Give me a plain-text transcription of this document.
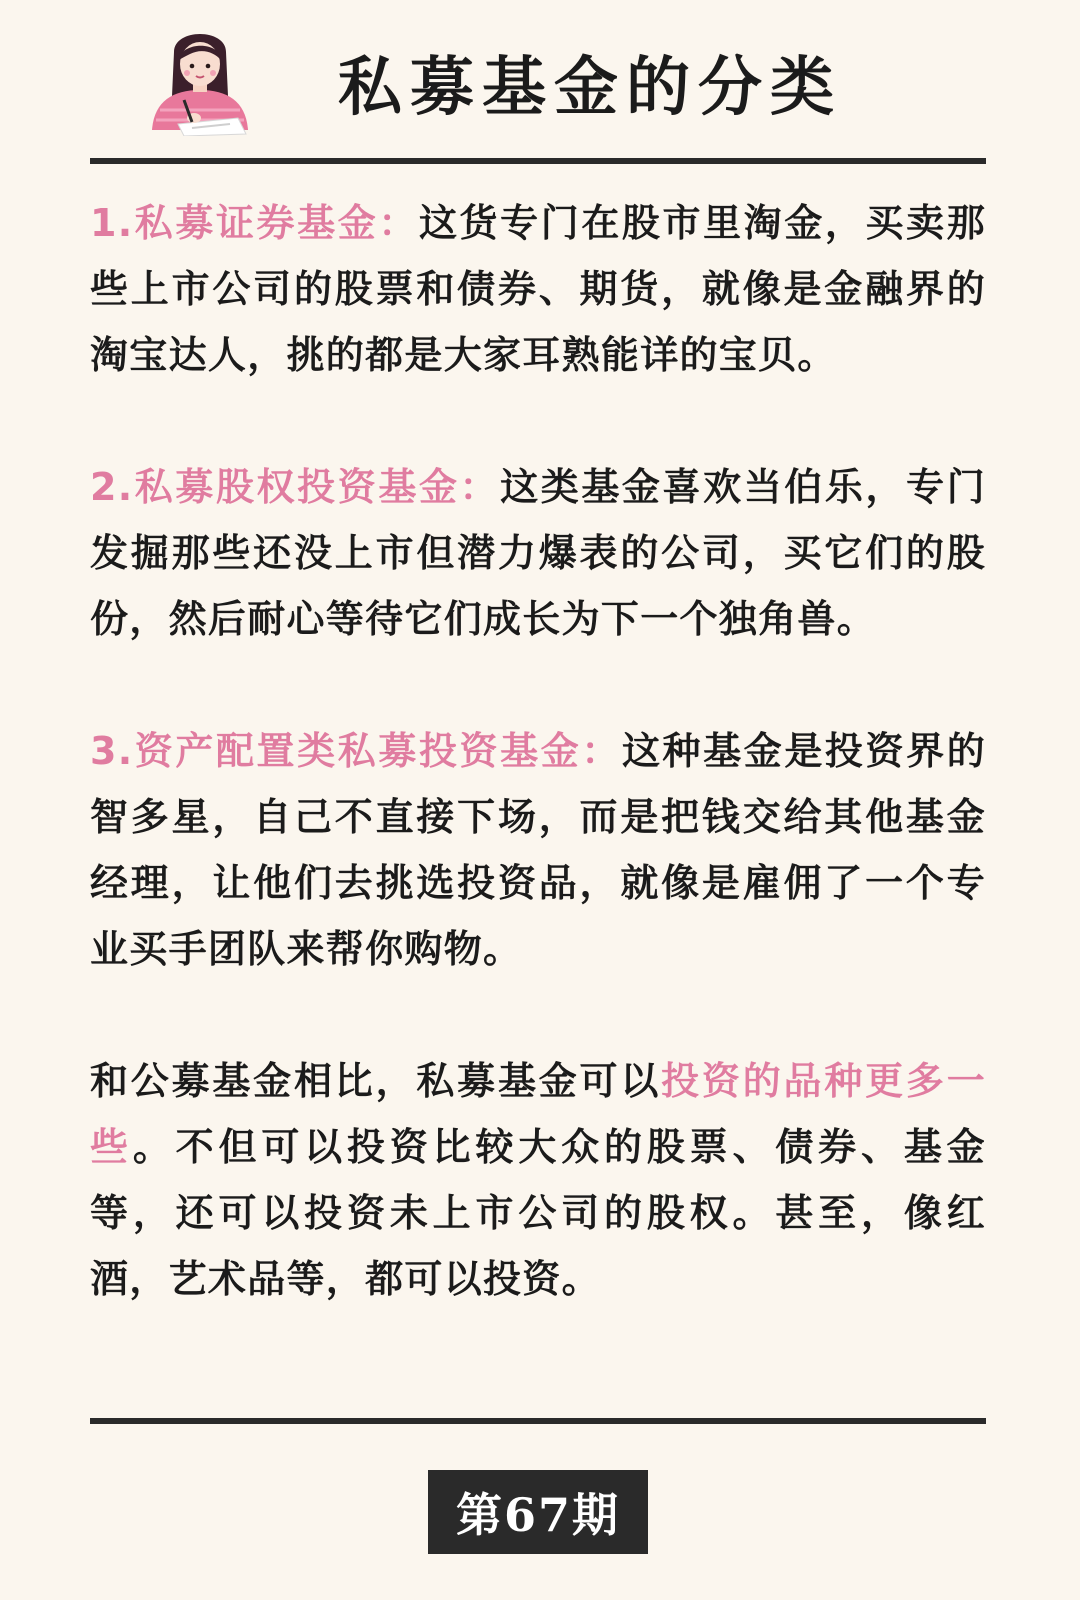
私募基金的分类

1.私募证券基金：这货专门在股市里淘金，买卖那些上市公司的股票和债券、期货，就像是金融界的淘宝达人，挑的都是大家耳熟能详的宝贝。

2.私募股权投资基金：这类基金喜欢当伯乐，专门发掘那些还没上市但潜力爆表的公司，买它们的股份，然后耐心等待它们成长为下一个独角兽。

3.资产配置类私募投资基金：这种基金是投资界的智多星，自己不直接下场，而是把钱交给其他基金经理，让他们去挑选投资品，就像是雇佣了一个专业买手团队来帮你购物。

和公募基金相比，私募基金可以投资的品种更多一些。不但可以投资比较大众的股票、债券、基金等，还可以投资未上市公司的股权。甚至，像红酒，艺术品等，都可以投资。

第67期
